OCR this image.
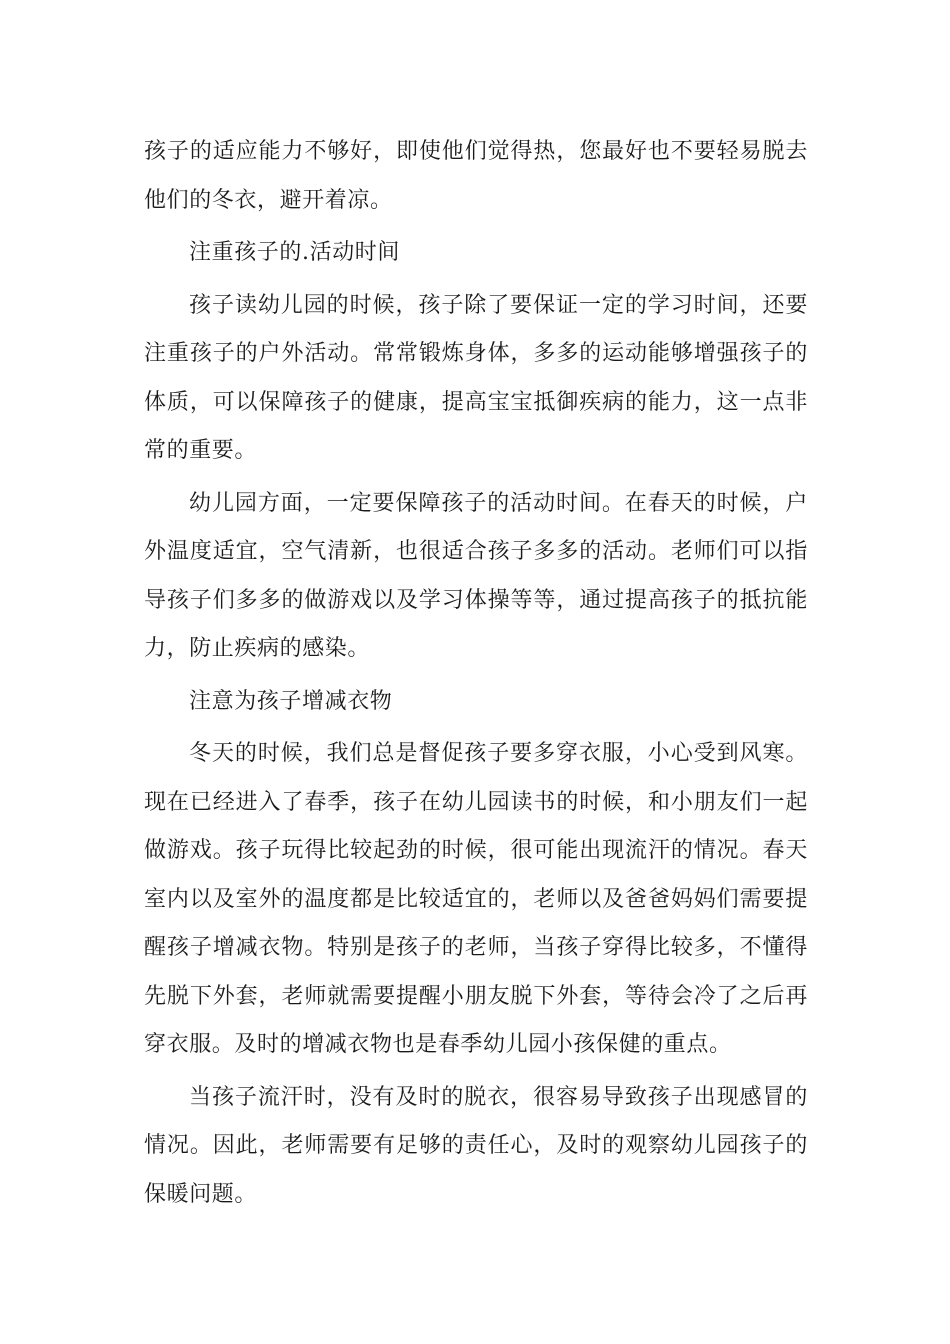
孩子的适应能力不够好，即使他们觉得热，您最好也不要轻易脱去他们的冬衣，避开着凉。

注重孩子的.活动时间

孩子读幼儿园的时候，孩子除了要保证一定的学习时间，还要注重孩子的户外活动。常常锻炼身体，多多的运动能够增强孩子的体质，可以保障孩子的健康，提高宝宝抵御疾病的能力，这一点非常的重要。

幼儿园方面，一定要保障孩子的活动时间。在春天的时候，户外温度适宜，空气清新，也很适合孩子多多的活动。老师们可以指导孩子们多多的做游戏以及学习体操等等，通过提高孩子的抵抗能力，防止疾病的感染。

注意为孩子增减衣物

冬天的时候，我们总是督促孩子要多穿衣服，小心受到风寒。现在已经进入了春季，孩子在幼儿园读书的时候，和小朋友们一起做游戏。孩子玩得比较起劲的时候，很可能出现流汗的情况。春天室内以及室外的温度都是比较适宜的，老师以及爸爸妈妈们需要提醒孩子增减衣物。特别是孩子的老师，当孩子穿得比较多，不懂得先脱下外套，老师就需要提醒小朋友脱下外套，等待会冷了之后再穿衣服。及时的增减衣物也是春季幼儿园小孩保健的重点。

当孩子流汗时，没有及时的脱衣，很容易导致孩子出现感冒的情况。因此，老师需要有足够的责任心，及时的观察幼儿园孩子的保暖问题。
